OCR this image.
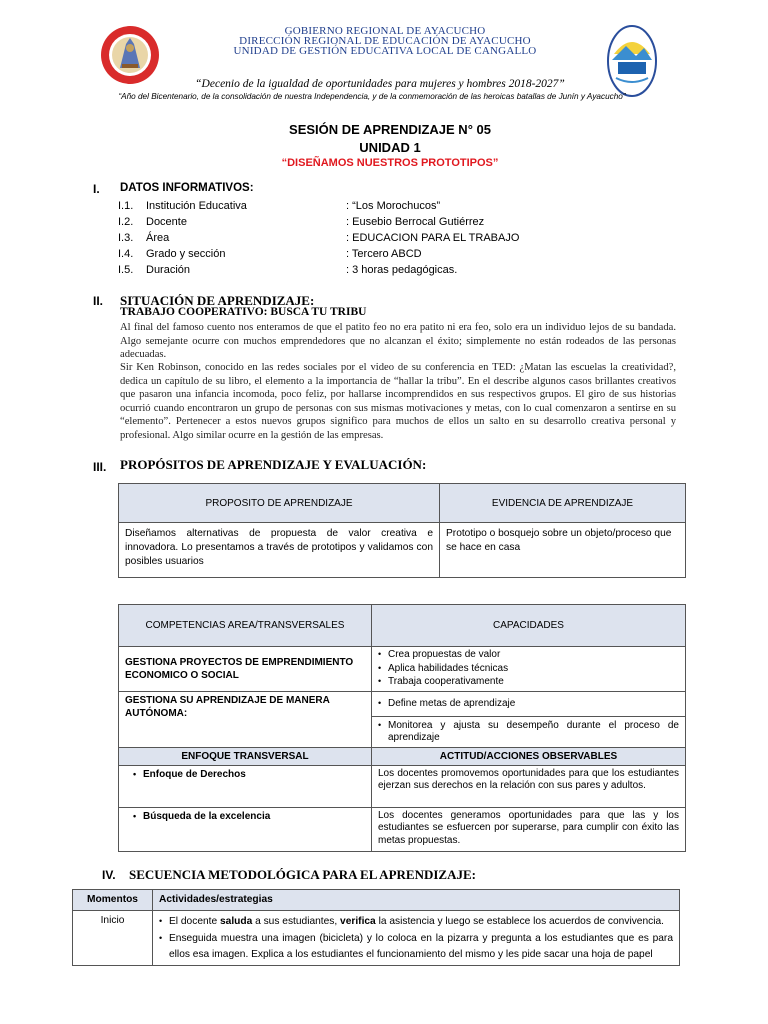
GOBIERNO REGIONAL DE AYACUCHO
DIRECCIÓN REGIONAL DE EDUCACIÓN DE AYACUCHO
UNIDAD DE GESTIÓN EDUCATIVA LOCAL DE CANGALLO
“Decenio de la igualdad de oportunidades para mujeres y hombres 2018-2027”
“Año del Bicentenario, de la consolidación de nuestra Independencia, y de la conmemoración de las heroicas batallas de Junín y Ayacucho”
SESIÓN DE APRENDIZAJE N° 05
UNIDAD 1
“DISEÑAMOS NUESTROS PROTOTIPOS”
I. DATOS INFORMATIVOS:
I.1.	Institución Educativa	: “Los Morochucos”
I.2.	Docente	: Eusebio Berrocal Gutiérrez
I.3.	Área	: EDUCACION PARA EL TRABAJO
I.4.	Grado y sección	: Tercero ABCD
I.5.	Duración	: 3 horas pedagógicas.
II. SITUACIÓN DE APRENDIZAJE:
TRABAJO COOPERATIVO: BUSCA TU TRIBU
Al final del famoso cuento nos enteramos de que el patito feo no era patito ni era feo, solo era un individuo lejos de su bandada. Algo semejante ocurre con muchos emprendedores que no alcanzan el éxito; simplemente no están rodeados de las personas adecuadas.
Sir Ken Robinson, conocido en las redes sociales por el video de su conferencia en TED: ¿Matan las escuelas la creatividad?, dedica un capítulo de su libro, el elemento a la importancia de “hallar la tribu”. En el describe algunos casos brillantes creativos que pasaron una infancia incomoda, poco feliz, por hallarse incomprendidos en sus respectivos grupos. El giro de sus historias ocurrió cuando encontraron un grupo de personas con sus mismas motivaciones y metas, con lo cual comenzaron a sentirse en su “elemento”. Pertenecer a estos nuevos grupos significo para muchos de ellos un salto en su desarrollo creativa personal y profesional. Algo similar ocurre en la gestión de las empresas.
III. PROPÓSITOS DE APRENDIZAJE Y EVALUACIÓN:
PROPOSITO DE APRENDIZAJE	EVIDENCIA DE APRENDIZAJE
Diseñamos alternativas de propuesta de valor creativa e innovadora. Lo presentamos a través de prototipos y validamos con posibles usuarios	Prototipo o bosquejo sobre un objeto/proceso que se hace en casa
COMPETENCIAS AREA/TRANSVERSALES	CAPACIDADES
GESTIONA PROYECTOS DE EMPRENDIMIENTO ECONOMICO O SOCIAL	• Crea propuestas de valor
• Aplica habilidades técnicas
• Trabaja cooperativamente

GESTIONA SU APRENDIZAJE DE MANERA AUTÓNOMA:	• Define metas de aprendizaje

	• Monitorea y ajusta su desempeño durante el proceso de aprendizaje

ENFOQUE TRANSVERSAL	ACTITUD/ACCIONES OBSERVABLES

• Enfoque de Derechos	Los docentes promovemos oportunidades para que los estudiantes ejerzan sus derechos en la relación con sus pares y adultos.

• Búsqueda de la excelencia	Los docentes generamos oportunidades para que las y los estudiantes se esfuercen por superarse, para cumplir con éxito las metas propuestas.
IV. SECUENCIA METODOLÓGICA PARA EL APRENDIZAJE:
Momentos	Actividades/estrategias
Inicio	• El docente saluda a sus estudiantes, verifica la asistencia y luego se establece los acuerdos de convivencia.
• Enseguida muestra una imagen (bicicleta) y lo coloca en la pizarra y pregunta a los estudiantes que es para ellos esa imagen. Explica a los estudiantes el funcionamiento del mismo y les pide sacar una hoja de papel
